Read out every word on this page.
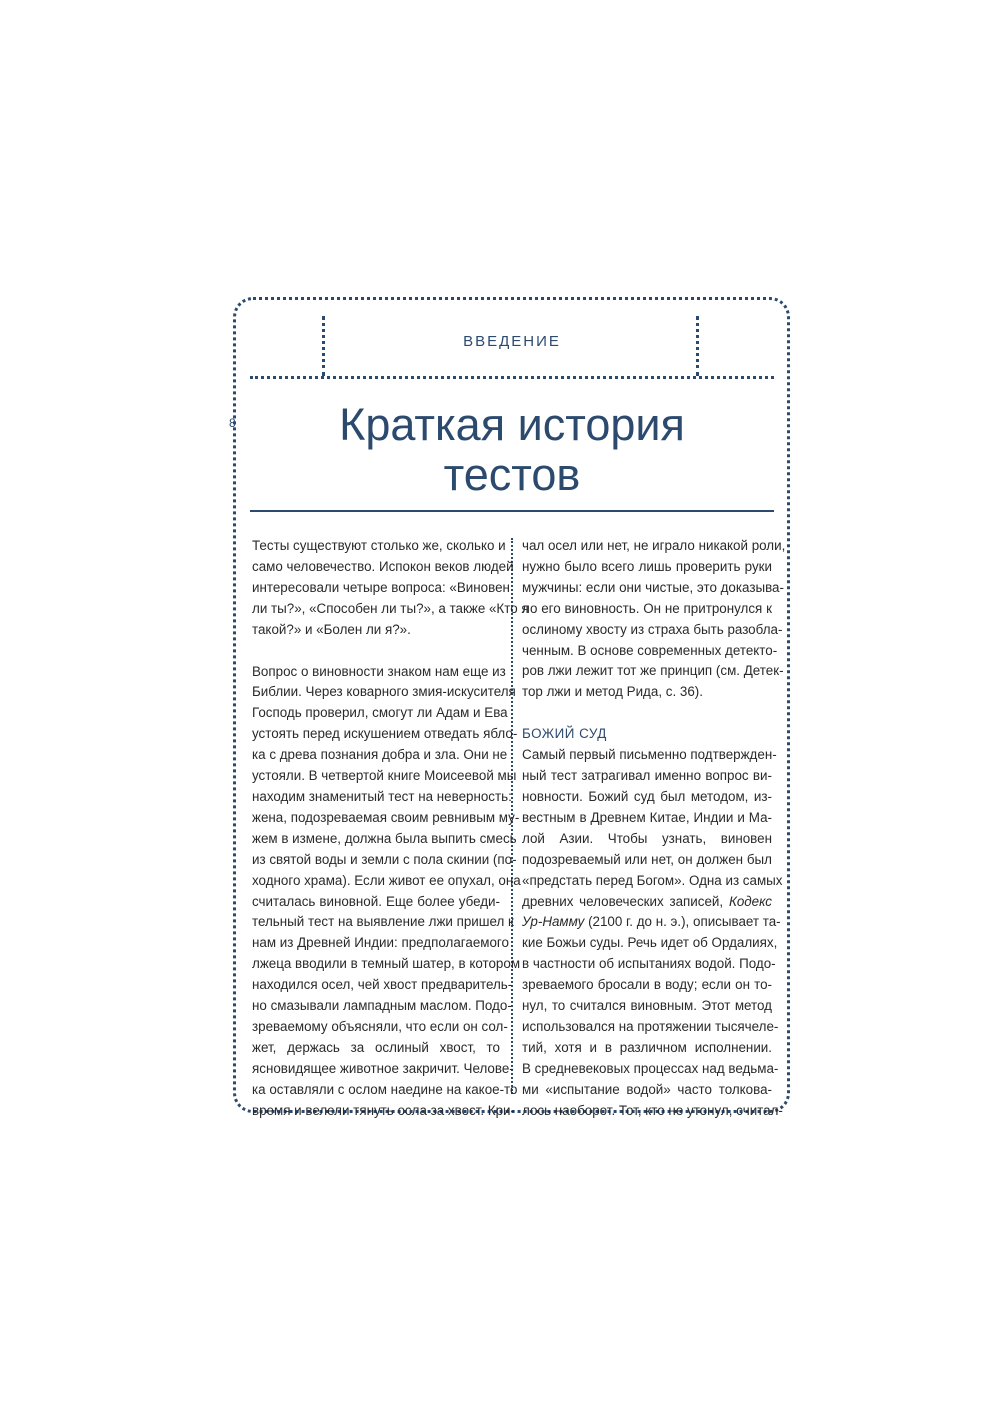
ВВЕДЕНИЕ
8	Краткая история
тестов
Тесты существуют столько же, сколько и
само человечество. Испокон веков людей
интересовали четыре вопроса: «Виновен
ли ты?», «Способен ли ты?», а также «Кто я
такой?» и «Болен ли я?».
Вопрос о виновности знаком нам еще из
Библии. Через коварного змия-искусителя
Господь проверил, смогут ли Адам и Ева
устоять перед искушением отведать ябло-
ка с древа познания добра и зла. Они не
устояли. В четвертой книге Моисеевой мы
находим знаменитый тест на неверность:
жена, подозреваемая своим ревнивым му-
жем в измене, должна была выпить смесь
из святой воды и земли с пола скинии (по-
ходного храма). Если живот ее опухал, она
считалась виновной. Еще более убеди-
тельный тест на выявление лжи пришел к
нам из Древней Индии: предполагаемого
лжеца вводили в темный шатер, в котором
находился осел, чей хвост предваритель-
но смазывали лампадным маслом. Подо-
зреваемому объясняли, что если он сол-
жет, держась за ослиный хвост, то
ясновидящее животное закричит. Челове-
ка оставляли с ослом наедине на какое-то
время и велели тянуть осла за хвост. Кри-
чал осел или нет, не играло никакой роли,
нужно было всего лишь проверить руки
мужчины: если они чистые, это доказыва-
ло его виновность. Он не притронулся к
ослиному хвосту из страха быть разобла-
ченным. В основе современных детекто-
ров лжи лежит тот же принцип (см. Детек-
тор лжи и метод Рида, с. 36).
БОЖИЙ СУД
Самый первый письменно подтвержден-
ный тест затрагивал именно вопрос ви-
новности. Божий суд был методом, из-
вестным в Древнем Китае, Индии и Ма-
лой Азии. Чтобы узнать, виновен
подозреваемый или нет, он должен был
«предстать перед Богом». Одна из самых
древних человеческих записей, Кодекс
Ур-Намму (2100 г. до н. э.), описывает та-
кие Божьи суды. Речь идет об Ордалиях,
в частности об испытаниях водой. Подо-
зреваемого бросали в воду; если он то-
нул, то считался виновным. Этот метод
использовался на протяжении тысячеле-
тий, хотя и в различном исполнении.
В средневековых процессах над ведьма-
ми «испытание водой» часто толкова-
лось наоборот. Тот, кто не утонул, считал-
